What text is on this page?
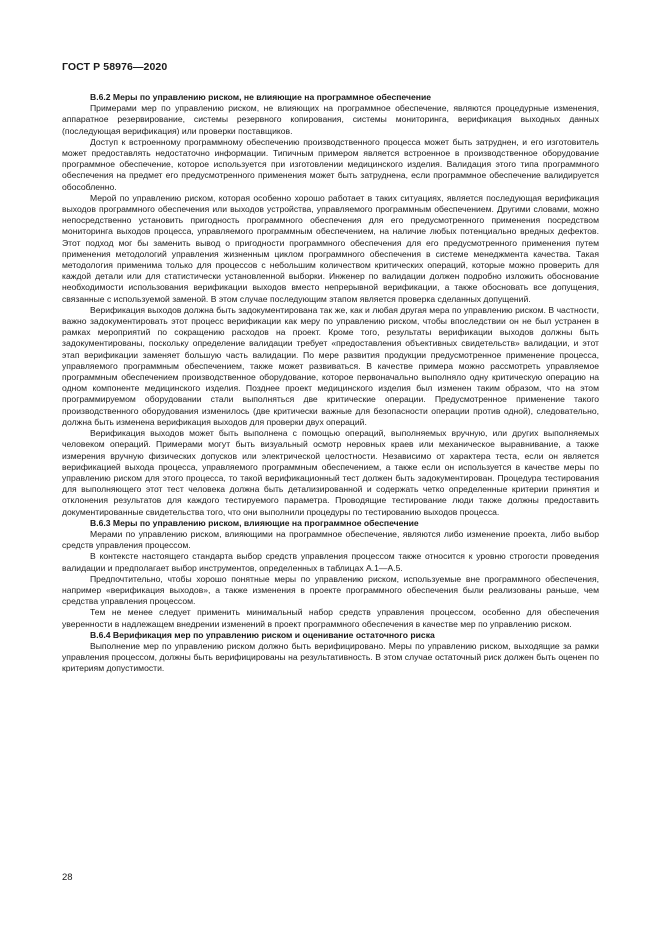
ГОСТ Р 58976—2020
B.6.2 Меры по управлению риском, не влияющие на программное обеспечение

Примерами мер по управлению риском, не влияющих на программное обеспечение, являются процедурные изменения, аппаратное резервирование, системы резервного копирования, системы мониторинга, верификация выходных данных (последующая верификация) или проверки поставщиков.

Доступ к встроенному программному обеспечению производственного процесса может быть затруднен, и его изготовитель может предоставлять недостаточно информации. Типичным примером является встроенное в производственное оборудование программное обеспечение, которое используется при изготовлении медицинского изделия. Валидация этого типа программного обеспечения на предмет его предусмотренного применения может быть затруднена, если программное обеспечение валидируется обособленно.

Мерой по управлению риском, которая особенно хорошо работает в таких ситуациях, является последующая верификация выходов программного обеспечения или выходов устройства, управляемого программным обеспечением. Другими словами, можно непосредственно установить пригодность программного обеспечения для его предусмотренного применения посредством мониторинга выходов процесса, управляемого программным обеспечением, на наличие любых потенциально вредных дефектов. Этот подход мог бы заменить вывод о пригодности программного обеспечения для его предусмотренного применения путем применения методологий управления жизненным циклом программного обеспечения в системе менеджмента качества. Такая методология применима только для процессов с небольшим количеством критических операций, которые можно проверить для каждой детали или для статистически установленной выборки. Инженер по валидации должен подробно изложить обоснование необходимости использования верификации выходов вместо непрерывной верификации, а также обосновать все допущения, связанные с используемой заменой. В этом случае последующим этапом является проверка сделанных допущений.

Верификация выходов должна быть задокументирована так же, как и любая другая мера по управлению риском. В частности, важно задокументировать этот процесс верификации как меру по управлению риском, чтобы впоследствии он не был устранен в рамках мероприятий по сокращению расходов на проект. Кроме того, результаты верификации выходов должны быть задокументированы, поскольку определение валидации требует «предоставления объективных свидетельств» валидации, и этот этап верификации заменяет большую часть валидации. По мере развития продукции предусмотренное применение процесса, управляемого программным обеспечением, также может развиваться. В качестве примера можно рассмотреть управляемое программным обеспечением производственное оборудование, которое первоначально выполняло одну критическую операцию на одном компоненте медицинского изделия. Позднее проект медицинского изделия был изменен таким образом, что на этом программируемом оборудовании стали выполняться две критические операции. Предусмотренное применение такого производственного оборудования изменилось (две критически важные для безопасности операции против одной), следовательно, должна быть изменена верификация выходов для проверки двух операций.

Верификация выходов может быть выполнена с помощью операций, выполняемых вручную, или других выполняемых человеком операций. Примерами могут быть визуальный осмотр неровных краев или механическое выравнивание, а также измерения вручную физических допусков или электрической целостности. Независимо от характера теста, если он является верификацией выхода процесса, управляемого программным обеспечением, а также если он используется в качестве меры по управлению риском для этого процесса, то такой верификационный тест должен быть задокументирован. Процедура тестирования для выполняющего этот тест человека должна быть детализированной и содержать четко определенные критерии принятия и отклонения результатов для каждого тестируемого параметра. Проводящие тестирование люди также должны предоставить документированные свидетельства того, что они выполнили процедуры по тестированию выходов процесса.

B.6.3 Меры по управлению риском, влияющие на программное обеспечение

Мерами по управлению риском, влияющими на программное обеспечение, являются либо изменение проекта, либо выбор средств управления процессом.

В контексте настоящего стандарта выбор средств управления процессом также относится к уровню строгости проведения валидации и предполагает выбор инструментов, определенных в таблицах А.1—А.5.

Предпочтительно, чтобы хорошо понятные меры по управлению риском, используемые вне программного обеспечения, например «верификация выходов», а также изменения в проекте программного обеспечения были реализованы раньше, чем средства управления процессом.

Тем не менее следует применить минимальный набор средств управления процессом, особенно для обеспечения уверенности в надлежащем внедрении изменений в проект программного обеспечения в качестве мер по управлению риском.

B.6.4 Верификация мер по управлению риском и оценивание остаточного риска

Выполнение мер по управлению риском должно быть верифицировано. Меры по управлению риском, выходящие за рамки управления процессом, должны быть верифицированы на результативность. В этом случае остаточный риск должен быть оценен по критериям допустимости.

28
